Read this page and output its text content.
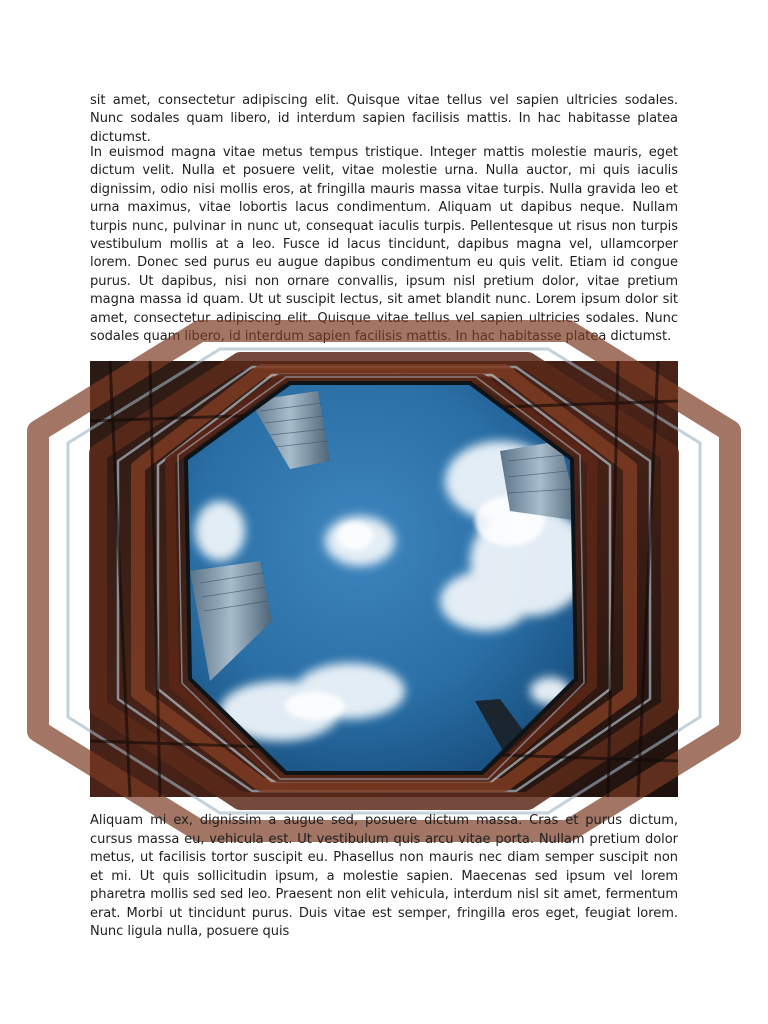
sit amet, consectetur adipiscing elit. Quisque vitae tellus vel sapien ultricies sodales. Nunc sodales quam libero, id interdum sapien facilisis mattis. In hac habitasse platea dictumst.

In euismod magna vitae metus tempus tristique. Integer mattis molestie mauris, eget dictum velit. Nulla et posuere velit, vitae molestie urna. Nulla auctor, mi quis iaculis dignissim, odio nisi mollis eros, at fringilla mauris massa vitae turpis. Nulla gravida leo et urna maximus, vitae lobortis lacus condimentum. Aliquam ut dapibus neque. Nullam turpis nunc, pulvinar in nunc ut, consequat iaculis turpis. Pellentesque ut risus non turpis vestibulum mollis at a leo. Fusce id lacus tincidunt, dapibus magna vel, ullamcorper lorem. Donec sed purus eu augue dapibus condimentum eu quis velit. Etiam id congue purus. Ut dapibus, nisi non ornare convallis, ipsum nisl pretium dolor, vitae pretium magna massa id quam. Ut ut suscipit lectus, sit amet blandit nunc. Lorem ipsum dolor sit amet, consectetur adipiscing elit. Quisque vitae tellus vel sapien ultricies sodales. Nunc sodales quam libero, id interdum sapien facilisis mattis. In hac habitasse platea dictumst.

Aliquam mi ex, dignissim a augue sed, posuere dictum massa. Cras et purus dictum, cursus massa eu, vehicula est. Ut vestibulum quis arcu vitae porta. Nullam pretium dolor metus, ut facilisis tortor suscipit eu. Phasellus non mauris nec diam semper suscipit non et mi. Ut quis sollicitudin ipsum, a molestie sapien. Maecenas sed ipsum vel lorem pharetra mollis sed sed leo. Praesent non elit vehicula, interdum nisl sit amet, fermentum erat. Morbi ut tincidunt purus. Duis vitae est semper, fringilla eros eget, feugiat lorem. Nunc ligula nulla, posuere quis
